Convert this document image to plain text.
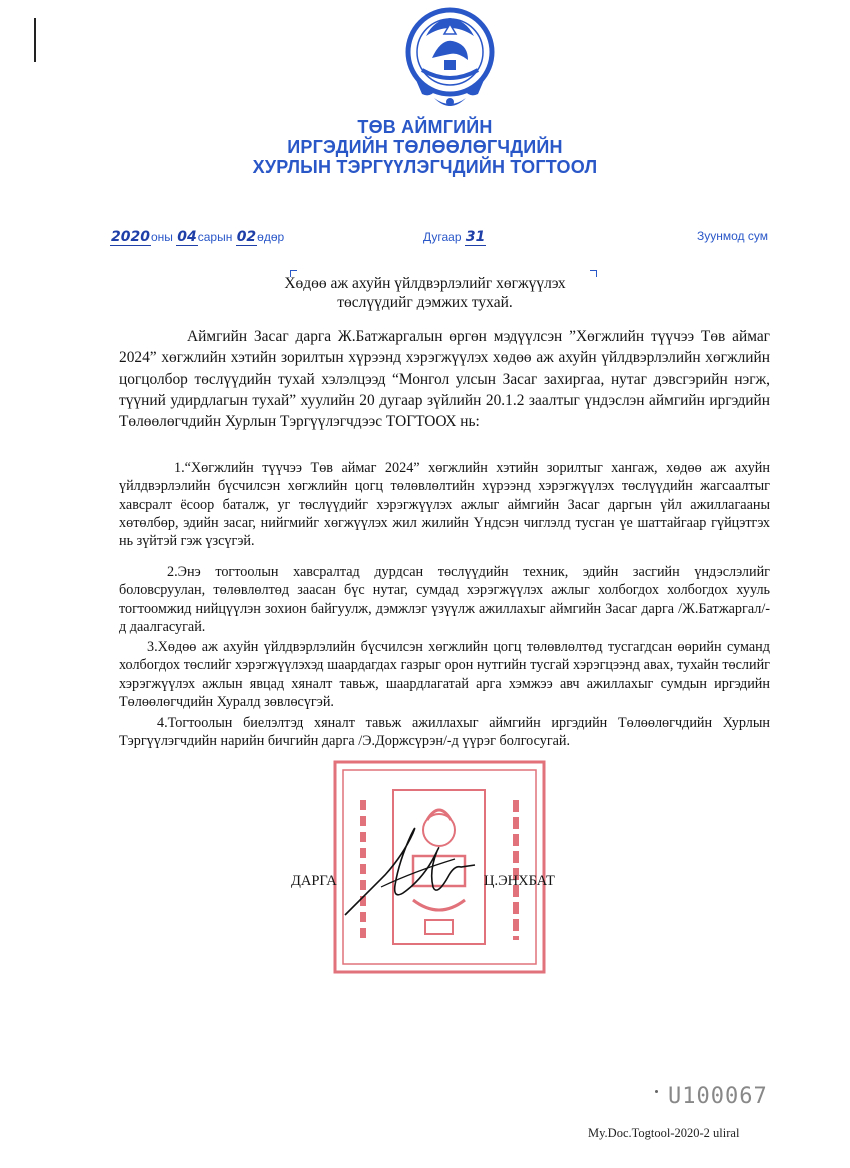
ТӨВ АЙМГИЙН
ИРГЭДИЙН ТӨЛӨӨЛӨГЧДИЙН
ХУРЛЫН ТЭРГҮҮЛЭГЧДИЙН ТОГТООЛ
2020оны 04сарын 02өдөр	Дугаар 31	Зуунмод сум
Хөдөө аж ахуйн үйлдвэрлэлийг хөгжүүлэх
төслүүдийг дэмжих тухай.

Аймгийн Засаг дарга Ж.Батжаргалын өргөн мэдүүлсэн ”Хөгжлийн түүчээ Төв аймаг 2024” хөгжлийн хэтийн зорилтын хүрээнд хэрэгжүүлэх хөдөө аж ахуйн үйлдвэрлэлийн хөгжлийн цогцолбор төслүүдийн тухай хэлэлцээд “Монгол улсын Засаг захиргаа, нутаг дэвсгэрийн нэгж, түүний удирдлагын тухай” хуулийн 20 дугаар зүйлийн 20.1.2 заалтыг үндэслэн аймгийн иргэдийн Төлөөлөгчдийн Хурлын Тэргүүлэгчдээс ТОГТООХ нь:

1.“Хөгжлийн түүчээ Төв аймаг 2024” хөгжлийн хэтийн зорилтыг хангаж, хөдөө аж ахуйн үйлдвэрлэлийн бүсчилсэн хөгжлийн цогц төлөвлөлтийн хүрээнд хэрэгжүүлэх төслүүдийн жагсаалтыг хавсралт ёсоор баталж, уг төслүүдийг хэрэгжүүлэх ажлыг аймгийн Засаг даргын үйл ажиллагааны хөтөлбөр, эдийн засаг, нийгмийг хөгжүүлэх жил жилийн Үндсэн чиглэлд тусган үе шаттайгаар гүйцэтгэх нь зүйтэй гэж үзсүгэй.

2.Энэ тогтоолын хавсралтад дурдсан төслүүдийн техник, эдийн засгийн үндэслэлийг боловсруулан, төлөвлөлтөд заасан бүс нутаг, сумдад хэрэгжүүлэх ажлыг холбогдох холбогдох хууль тогтоомжид нийцүүлэн зохион байгуулж, дэмжлэг үзүүлж ажиллахыг аймгийн Засаг дарга /Ж.Батжаргал/-д даалгасугай.

3.Хөдөө аж ахуйн үйлдвэрлэлийн бүсчилсэн хөгжлийн цогц төлөвлөлтөд тусгагдсан өөрийн суманд холбогдох төслийг хэрэгжүүлэхэд шаардагдах газрыг орон нутгийн тусгай хэрэгцээнд авах, тухайн төслийг хэрэгжүүлэх ажлын явцад хяналт тавьж, шаардлагатай арга хэмжээ авч ажиллахыг сумдын иргэдийн Төлөөлөгчдийн Хуралд зөвлөсүгэй.

4.Тогтоолын биелэлтэд хяналт тавьж ажиллахыг аймгийн иргэдийн Төлөөлөгчдийн Хурлын Тэргүүлэгчдийн нарийн бичгийн дарга /Э.Доржсүрэн/-д үүрэг болгосугай.

ДАРГА	Ц.ЭНХБАТ
U100067
My.Doc.Togtool-2020-2 uliral
